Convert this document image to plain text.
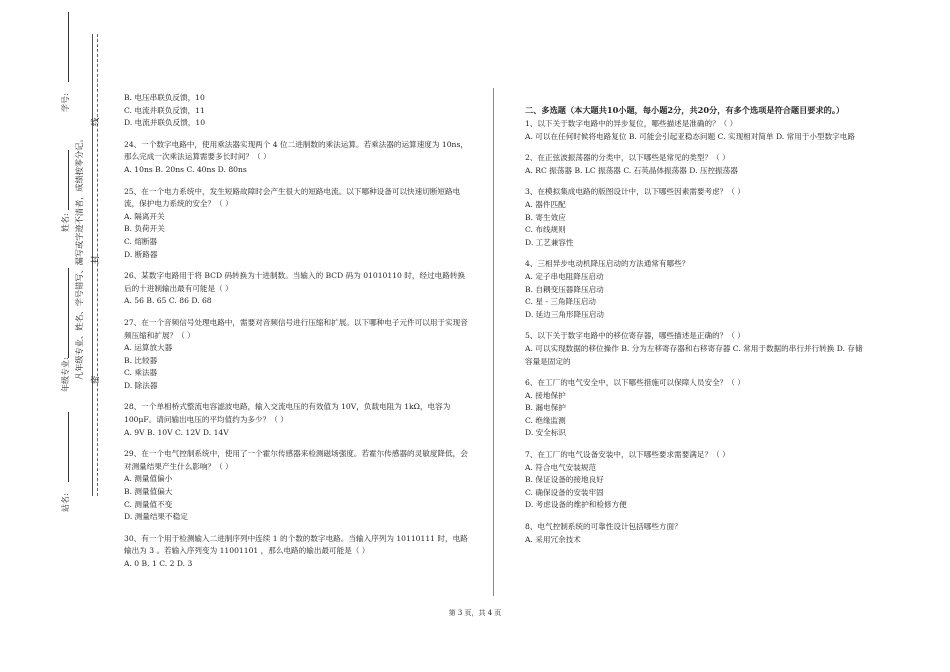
学号:
姓名:
年级专业:
站名:
凡年级专业、姓名、学号错写、漏写或字迹不清者，成绩按零分记。
线
封
密
B. 电压串联负反馈，10
C. 电流并联负反馈，11
D. 电流并联负反馈，10
24、一个数字电路中，使用乘法器实现两个 4 位二进制数的乘法运算。若乘法器的运算速度为 10ns，那么完成一次乘法运算需要多长时间？（ ）
A. 10ns B. 20ns C. 40ns D. 80ns
25、在一个电力系统中，发生短路故障时会产生很大的短路电流。以下哪种设备可以快速切断短路电流，保护电力系统的安全？（ ）
A. 隔离开关
B. 负荷开关
C. 熔断器
D. 断路器
26、某数字电路用于将 BCD 码转换为十进制数。当输入的 BCD 码为 01010110 时，经过电路转换后的十进制输出最有可能是（ ）
A. 56 B. 65 C. 86 D. 68
27、在一个音频信号处理电路中，需要对音频信号进行压缩和扩展。以下哪种电子元件可以用于实现音频压缩和扩展？（ ）
A. 运算放大器
B. 比较器
C. 乘法器
D. 除法器
28、一个单相桥式整流电容滤波电路，输入交流电压的有效值为 10V，负载电阻为 1kΩ，电容为 100μF。请问输出电压的平均值约为多少？（ ）
A. 9V B. 10V C. 12V D. 14V
29、在一个电气控制系统中，使用了一个霍尔传感器来检测磁场强度。若霍尔传感器的灵敏度降低，会对测量结果产生什么影响？（ ）
A. 测量值偏小
B. 测量值偏大
C. 测量值不变
D. 测量结果不稳定
30、有一个用于检测输入二进制序列中连续 1 的个数的数字电路。当输入序列为 10110111 时，电路输出为 3 。若输入序列变为 11001101 ，那么电路的输出最可能是（ ）
A. 0 B. 1 C. 2 D. 3
二、多选题（本大题共10小题，每小题2分，共20分，有多个选项是符合题目要求的。）
1、以下关于数字电路中的异步复位，哪些描述是准确的？（ ）
A. 可以在任何时候将电路复位 B. 可能会引起亚稳态问题 C. 实现相对简单 D. 常用于小型数字电路
2、在正弦波振荡器的分类中，以下哪些是常见的类型？（ ）
A. RC 振荡器 B. LC 振荡器 C. 石英晶体振荡器 D. 压控振荡器
3、在模拟集成电路的版图设计中，以下哪些因素需要考虑？（ ）
A. 器件匹配
B. 寄生效应
C. 布线规则
D. 工艺兼容性
4、三相异步电动机降压启动的方法通常有哪些？
A. 定子串电阻降压启动
B. 自耦变压器降压启动
C. 星 - 三角降压启动
D. 延边三角形降压启动
5、以下关于数字电路中的移位寄存器，哪些描述是正确的？（ ）
A. 可以实现数据的移位操作 B. 分为左移寄存器和右移寄存器 C. 常用于数据的串行并行转换 D. 存储容量是固定的
6、在工厂的电气安全中，以下哪些措施可以保障人员安全？（ ）
A. 接地保护
B. 漏电保护
C. 绝缘监测
D. 安全标识
7、在工厂的电气设备安装中，以下哪些要求需要满足？（ ）
A. 符合电气安装规范
B. 保证设备的接地良好
C. 确保设备的安装牢固
D. 考虑设备的维护和检修方便
8、电气控制系统的可靠性设计包括哪些方面？
A. 采用冗余技术
第 3 页，共 4 页
